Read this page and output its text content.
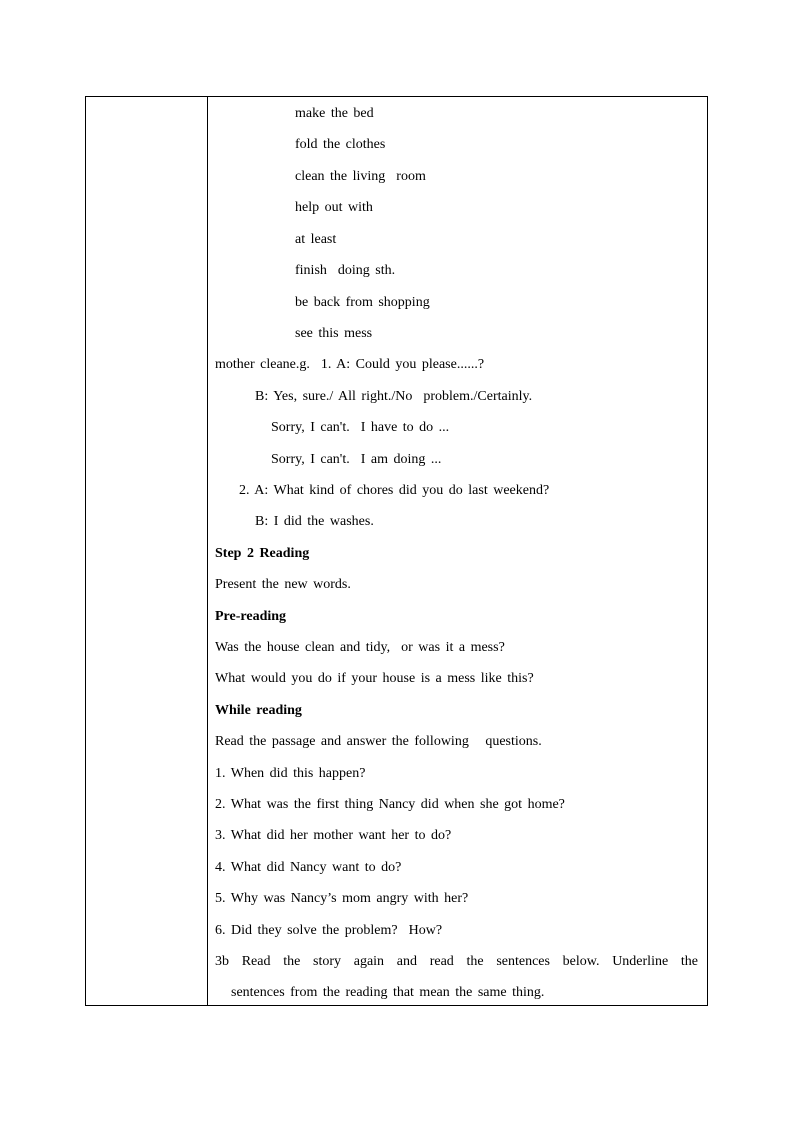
make the bed
fold the clothes
clean the living  room
help out with
at least
finish  doing sth.
be back from shopping
see this mess
mother cleane.g.  1. A: Could you please......?
B: Yes, sure./ All right./No  problem./Certainly.
Sorry, I can't.  I have to do ...
Sorry, I can't.  I am doing ...
2. A: What kind of chores did you do last weekend?
B: I did the washes.
Step 2 Reading
Present the new words.
Pre-reading
Was the house clean and tidy,  or was it a mess?
What would you do if your house is a mess like this?
While reading
Read the passage and answer the following   questions.
1. When did this happen?
2. What was the first thing Nancy did when she got home?
3. What did her mother want her to do?
4. What did Nancy want to do?
5. Why was Nancy’s mom angry with her?
6. Did they solve the problem?  How?
3b Read the story again and read the sentences below. Underline the
sentences from the reading that mean the same thing.
